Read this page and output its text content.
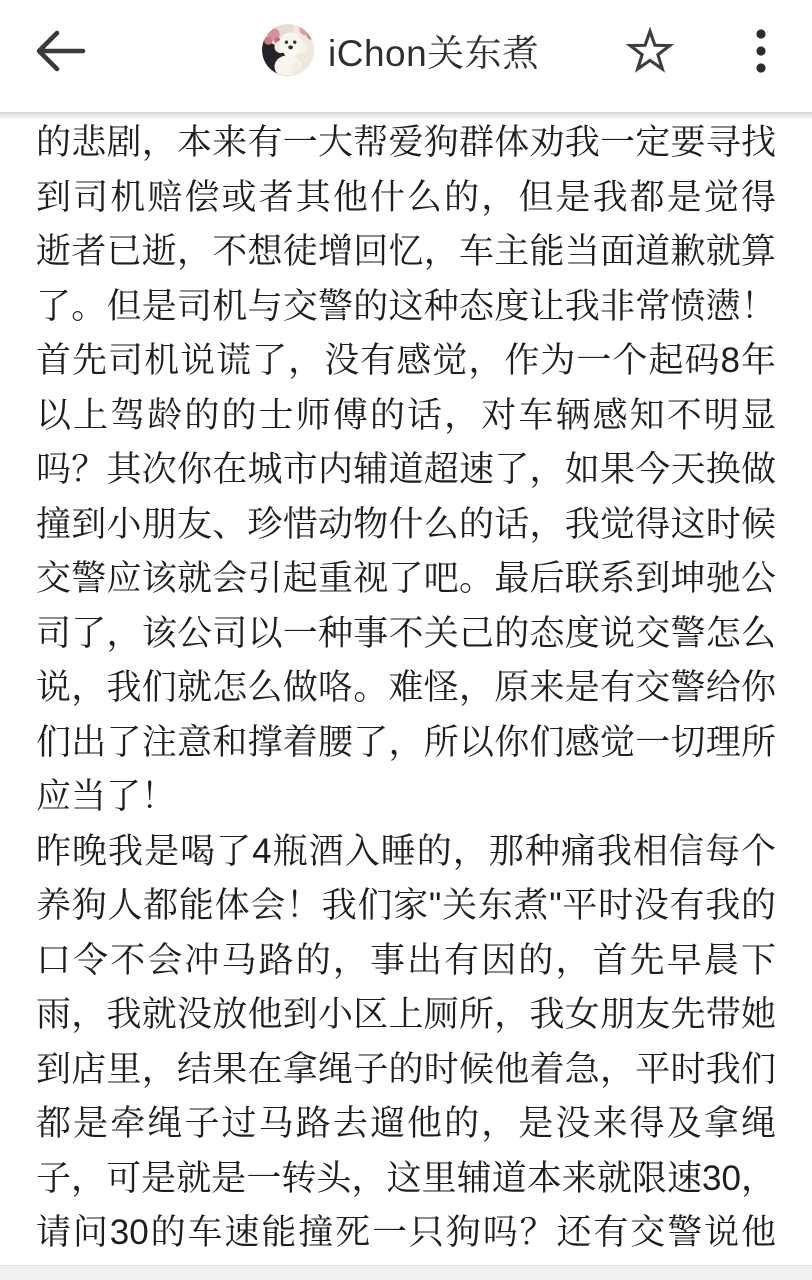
iChon关东煮
的悲剧，本来有一大帮爱狗群体劝我一定要寻找
到司机赔偿或者其他什么的，但是我都是觉得
逝者已逝，不想徒增回忆，车主能当面道歉就算
了。但是司机与交警的这种态度让我非常愤懑！
首先司机说谎了，没有感觉，作为一个起码8年
以上驾龄的的士师傅的话，对车辆感知不明显
吗？其次你在城市内辅道超速了，如果今天换做
撞到小朋友、珍惜动物什么的话，我觉得这时候
交警应该就会引起重视了吧。最后联系到坤驰公
司了，该公司以一种事不关己的态度说交警怎么
说，我们就怎么做咯。难怪，原来是有交警给你
们出了注意和撑着腰了，所以你们感觉一切理所
应当了！
昨晚我是喝了4瓶酒入睡的，那种痛我相信每个
养狗人都能体会！我们家"关东煮"平时没有我的
口令不会冲马路的，事出有因的，首先早晨下
雨，我就没放他到小区上厕所，我女朋友先带她
到店里，结果在拿绳子的时候他着急，平时我们
都是牵绳子过马路去遛他的，是没来得及拿绳
子，可是就是一转头，这里辅道本来就限速30，
请问30的车速能撞死一只狗吗？还有交警说他
